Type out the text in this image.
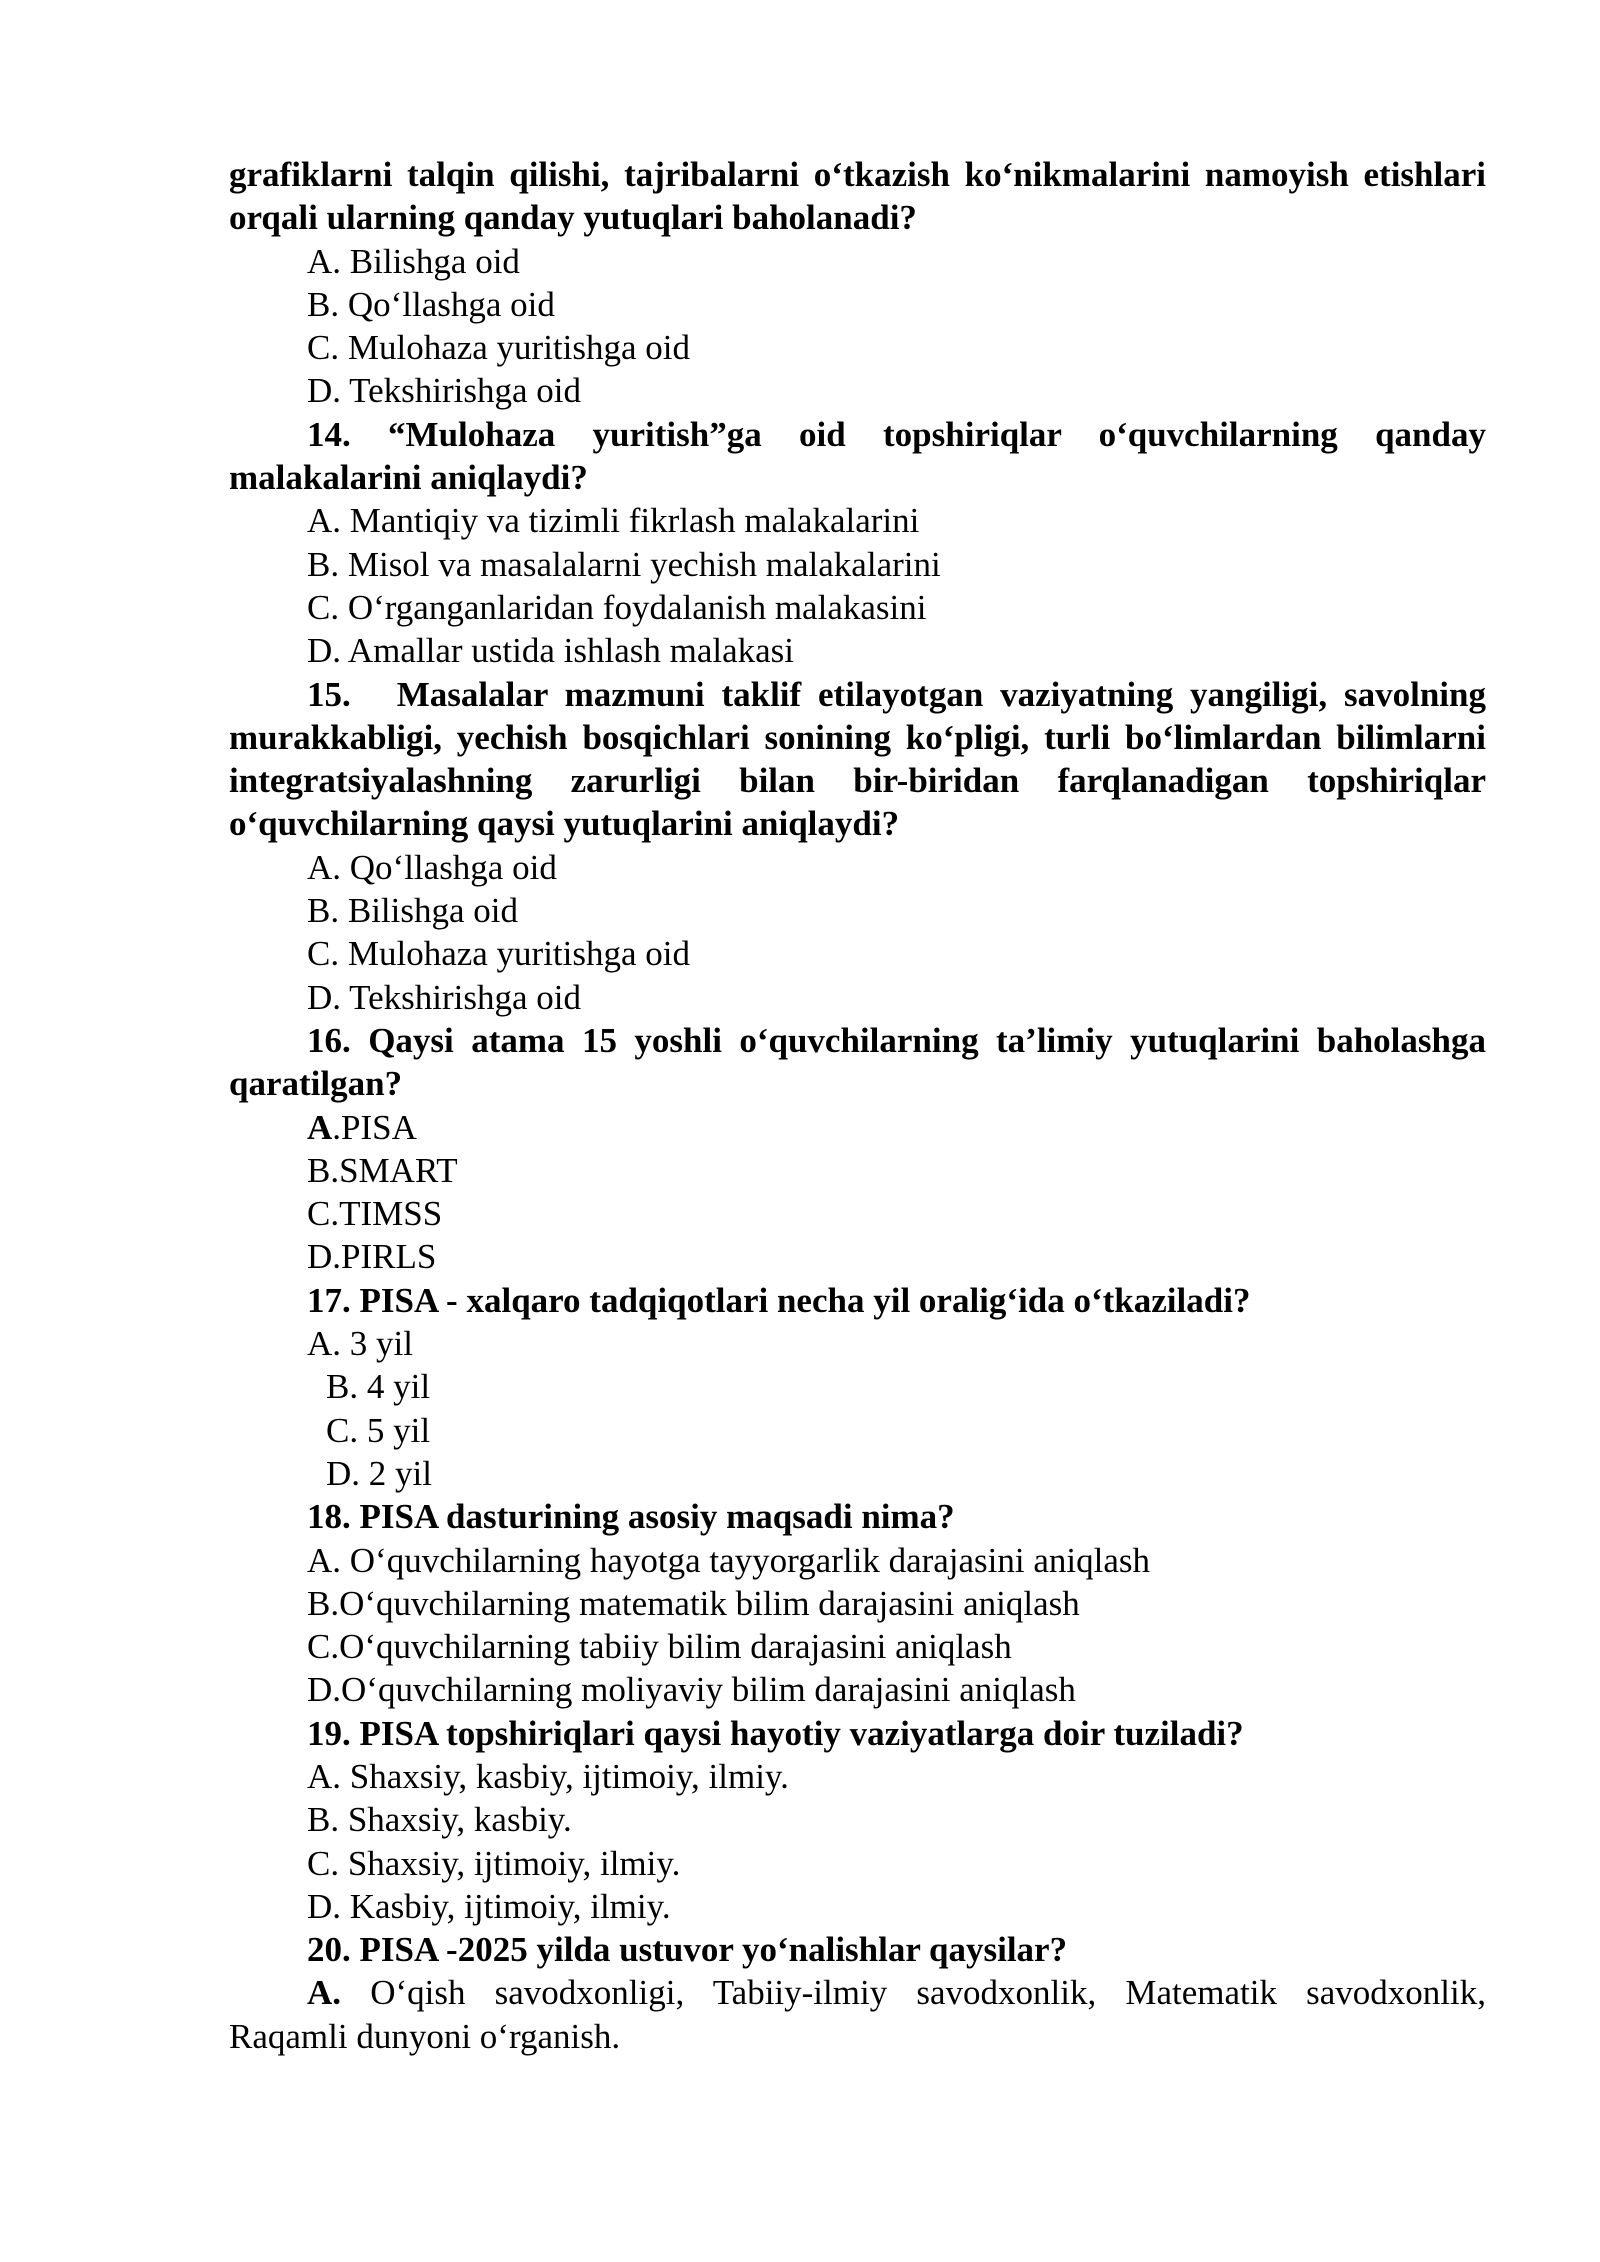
grafiklarni talqin qilishi, tajribalarni o‘tkazish ko‘nikmalarini namoyish etishlari orqali ularning qanday yutuqlari baholanadi?

A. Bilishga oid

B. Qo‘llashga oid

C. Mulohaza yuritishga oid

D. Tekshirishga oid

14. “Mulohaza yuritish”ga oid topshiriqlar o‘quvchilarning qanday malakalarini aniqlaydi?

A. Mantiqiy va tizimli fikrlash malakalarini

B. Misol va masalalarni yechish malakalarini

C. O‘rganganlaridan foydalanish malakasini

D. Amallar ustida ishlash malakasi

15. Masalalar mazmuni taklif etilayotgan vaziyatning yangiligi, savolning murakkabligi, yechish bosqichlari sonining ko‘pligi, turli bo‘limlardan bilimlarni integratsiyalashning zarurligi bilan bir-biridan farqlanadigan topshiriqlar o‘quvchilarning qaysi yutuqlarini aniqlaydi?

A. Qo‘llashga oid

B. Bilishga oid

C. Mulohaza yuritishga oid

D. Tekshirishga oid

16. Qaysi atama 15 yoshli o‘quvchilarning ta’limiy yutuqlarini baholashga qaratilgan?

A.PISA

B.SMART

C.TIMSS

D.PIRLS

17. PISA - xalqaro tadqiqotlari necha yil oralig‘ida o‘tkaziladi?

A. 3 yil

B. 4 yil

C. 5 yil

D. 2 yil

18. PISA dasturining asosiy maqsadi nima?

A. O‘quvchilarning hayotga tayyorgarlik darajasini aniqlash

B.O‘quvchilarning matematik bilim darajasini aniqlash

C.O‘quvchilarning tabiiy bilim darajasini aniqlash

D.O‘quvchilarning moliyaviy bilim darajasini aniqlash

19. PISA topshiriqlari qaysi hayotiy vaziyatlarga doir tuziladi?

A. Shaxsiy, kasbiy, ijtimoiy, ilmiy.

B. Shaxsiy, kasbiy.

C. Shaxsiy, ijtimoiy, ilmiy.

D. Kasbiy, ijtimoiy, ilmiy.

20. PISA -2025 yilda ustuvor yo‘nalishlar qaysilar?

A. O‘qish savodxonligi, Tabiiy-ilmiy savodxonlik, Matematik savodxonlik, Raqamli dunyoni o‘rganish.
